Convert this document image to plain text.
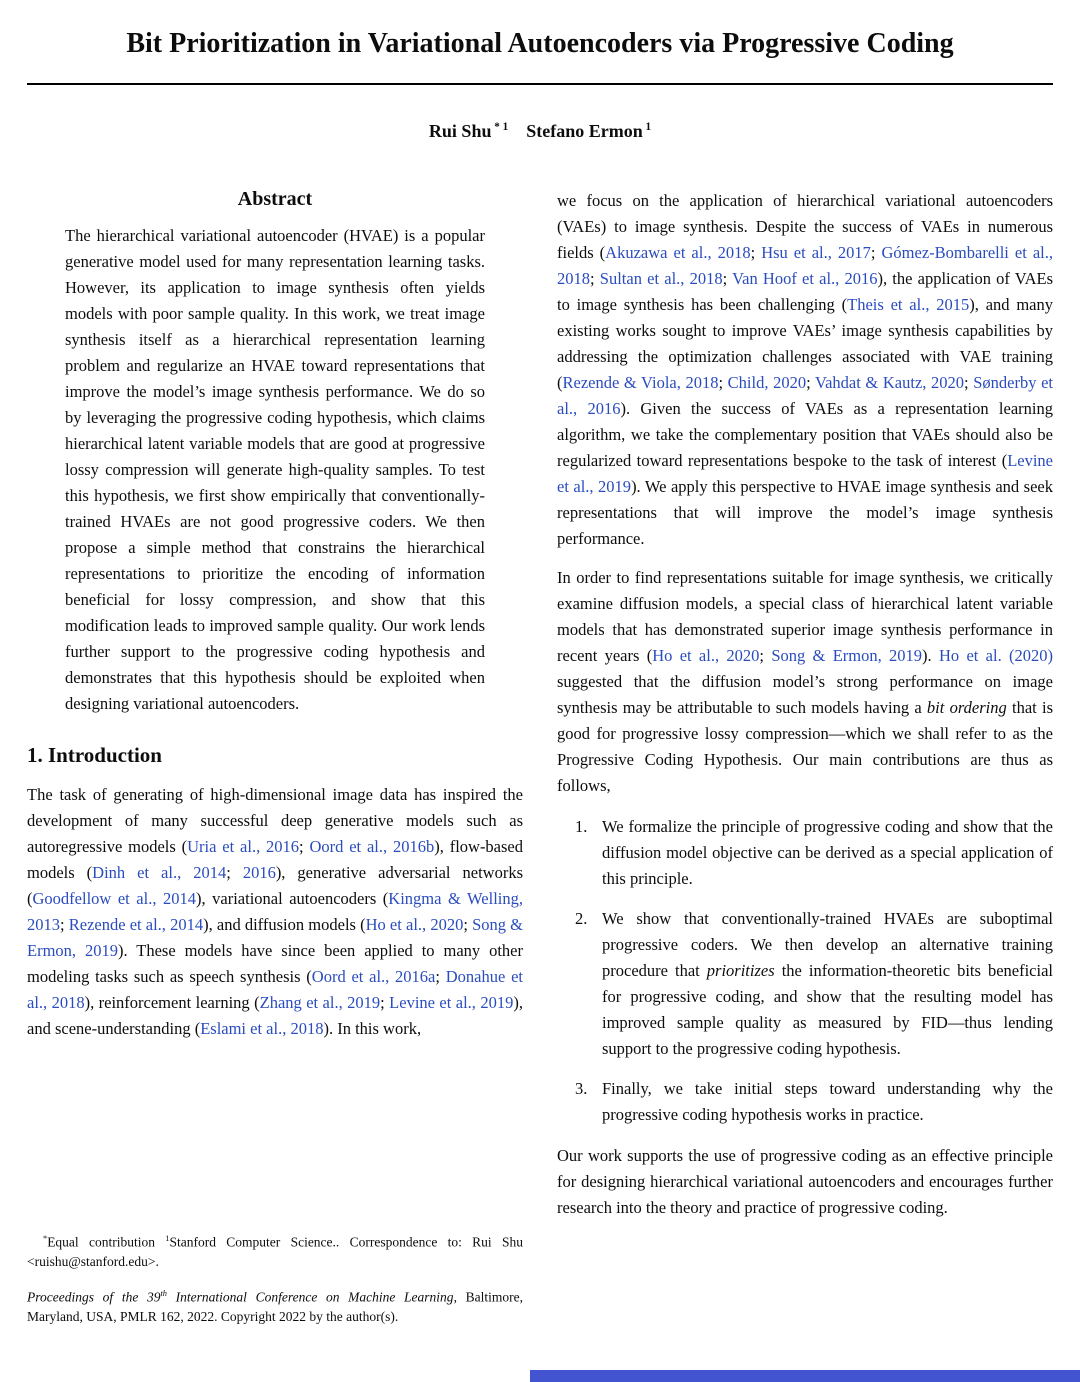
Bit Prioritization in Variational Autoencoders via Progressive Coding
Rui Shu $^{* 1}$ Stefano Ermon $^1$
Abstract

The hierarchical variational autoencoder (HVAE) is a popular generative model used for many representation learning tasks. However, its application to image synthesis often yields models with poor sample quality. In this work, we treat image synthesis itself as a hierarchical representation learning problem and regularize an HVAE toward representations that improve the model’s image synthesis performance. We do so by leveraging the progressive coding hypothesis, which claims hierarchical latent variable models that are good at progressive lossy compression will generate high-quality samples. To test this hypothesis, we first show empirically that conventionally-trained HVAEs are not good progressive coders. We then propose a simple method that constrains the hierarchical representations to prioritize the encoding of information beneficial for lossy compression, and show that this modification leads to improved sample quality. Our work lends further support to the progressive coding hypothesis and demonstrates that this hypothesis should be exploited when designing variational autoencoders.

1. Introduction

The task of generating of high-dimensional image data has inspired the development of many successful deep generative models such as autoregressive models (Uria et al., 2016; Oord et al., 2016b), flow-based models (Dinh et al., 2014; 2016), generative adversarial networks (Goodfellow et al., 2014), variational autoencoders (Kingma & Welling, 2013; Rezende et al., 2014), and diffusion models (Ho et al., 2020; Song & Ermon, 2019). These models have since been applied to many other modeling tasks such as speech synthesis (Oord et al., 2016a; Donahue et al., 2018), reinforcement learning (Zhang et al., 2019; Levine et al., 2019), and scene-understanding (Eslami et al., 2018). In this work,

*Equal contribution $^1$Stanford Computer Science.. Correspondence to: Rui Shu <ruishu@stanford.edu>.

Proceedings of the 39th International Conference on Machine Learning, Baltimore, Maryland, USA, PMLR 162, 2022. Copyright 2022 by the author(s).

we focus on the application of hierarchical variational autoencoders (VAEs) to image synthesis. Despite the success of VAEs in numerous fields (Akuzawa et al., 2018; Hsu et al., 2017; Gómez-Bombarelli et al., 2018; Sultan et al., 2018; Van Hoof et al., 2016), the application of VAEs to image synthesis has been challenging (Theis et al., 2015), and many existing works sought to improve VAEs’ image synthesis capabilities by addressing the optimization challenges associated with VAE training (Rezende & Viola, 2018; Child, 2020; Vahdat & Kautz, 2020; Sønderby et al., 2016). Given the success of VAEs as a representation learning algorithm, we take the complementary position that VAEs should also be regularized toward representations bespoke to the task of interest (Levine et al., 2019). We apply this perspective to HVAE image synthesis and seek representations that will improve the model’s image synthesis performance.

In order to find representations suitable for image synthesis, we critically examine diffusion models, a special class of hierarchical latent variable models that has demonstrated superior image synthesis performance in recent years (Ho et al., 2020; Song & Ermon, 2019). Ho et al. (2020) suggested that the diffusion model’s strong performance on image synthesis may be attributable to such models having a bit ordering that is good for progressive lossy compression—which we shall refer to as the Progressive Coding Hypothesis. Our main contributions are thus as follows,

1. We formalize the principle of progressive coding and show that the diffusion model objective can be derived as a special application of this principle.
2. We show that conventionally-trained HVAEs are suboptimal progressive coders. We then develop an alternative training procedure that prioritizes the information-theoretic bits beneficial for progressive coding, and show that the resulting model has improved sample quality as measured by FID—thus lending support to the progressive coding hypothesis.
3. Finally, we take initial steps toward understanding why the progressive coding hypothesis works in practice.

Our work supports the use of progressive coding as an effective principle for designing hierarchical variational autoencoders and encourages further research into the theory and practice of progressive coding.
